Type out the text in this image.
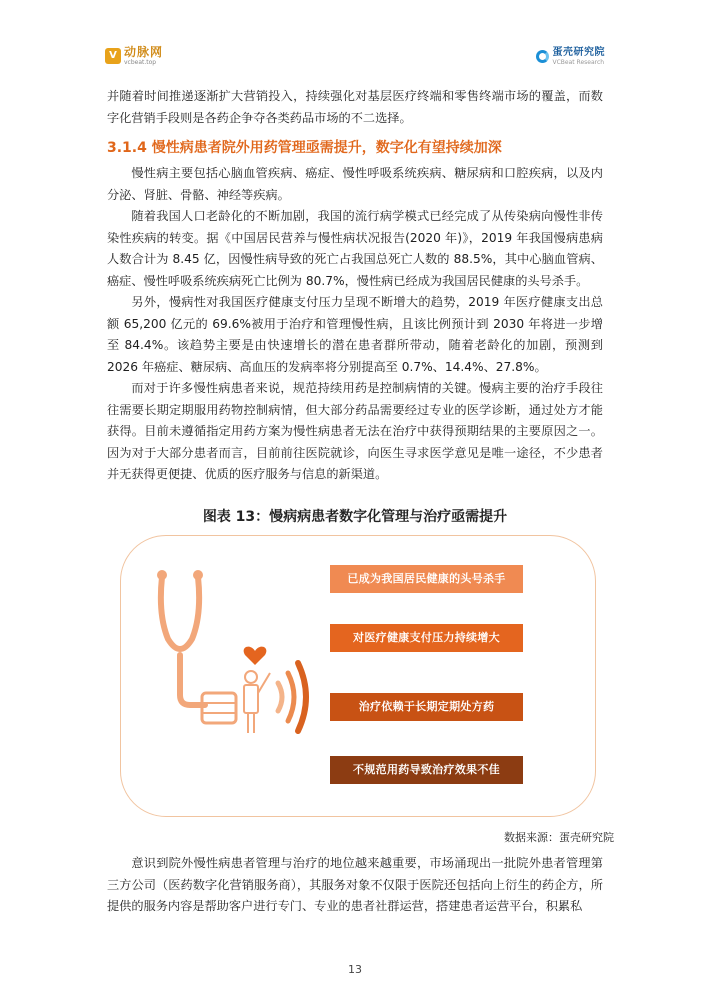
V 动脉网
vcbeat.top
蛋壳研究院
VCBeat Research

并随着时间推递逐渐扩大营销投入，持续强化对基层医疗终端和零售终端市场的覆盖，而数字化营销手段则是各药企争夺各类药品市场的不二选择。

3.1.4 慢性病患者院外用药管理亟需提升，数字化有望持续加深

慢性病主要包括心脑血管疾病、癌症、慢性呼吸系统疾病、糖尿病和口腔疾病，以及内分泌、肾脏、骨骼、神经等疾病。

随着我国人口老龄化的不断加剧，我国的流行病学模式已经完成了从传染病向慢性非传染性疾病的转变。据《中国居民营养与慢性病状况报告(2020 年)》，2019 年我国慢病患病人数合计为 8.45 亿，因慢性病导致的死亡占我国总死亡人数的 88.5%，其中心脑血管病、癌症、慢性呼吸系统疾病死亡比例为 80.7%，慢性病已经成为我国居民健康的头号杀手。

另外，慢病性对我国医疗健康支付压力呈现不断增大的趋势，2019 年医疗健康支出总额 65,200 亿元的 69.6%被用于治疗和管理慢性病，且该比例预计到 2030 年将进一步增至 84.4%。该趋势主要是由快速增长的潜在患者群所带动，随着老龄化的加剧，预测到 2026 年癌症、糖尿病、高血压的发病率将分别提高至 0.7%、14.4%、27.8%。

而对于许多慢性病患者来说，规范持续用药是控制病情的关键。慢病主要的治疗手段往往需要长期定期服用药物控制病情，但大部分药品需要经过专业的医学诊断，通过处方才能获得。目前未遵循指定用药方案为慢性病患者无法在治疗中获得预期结果的主要原因之一。因为对于大部分患者而言，目前前往医院就诊，向医生寻求医学意见是唯一途径，不少患者并无获得更便捷、优质的医疗服务与信息的新渠道。

图表 13：慢病病患者数字化管理与治疗亟需提升
已成为我国居民健康的头号杀手
对医疗健康支付压力持续增大
治疗依赖于长期定期处方药
不规范用药导致治疗效果不佳
数据来源：蛋壳研究院

意识到院外慢性病患者管理与治疗的地位越来越重要，市场涌现出一批院外患者管理第三方公司（医药数字化营销服务商），其服务对象不仅限于医院还包括向上衍生的药企方，所提供的服务内容是帮助客户进行专门、专业的患者社群运营，搭建患者运营平台，积累私

13
